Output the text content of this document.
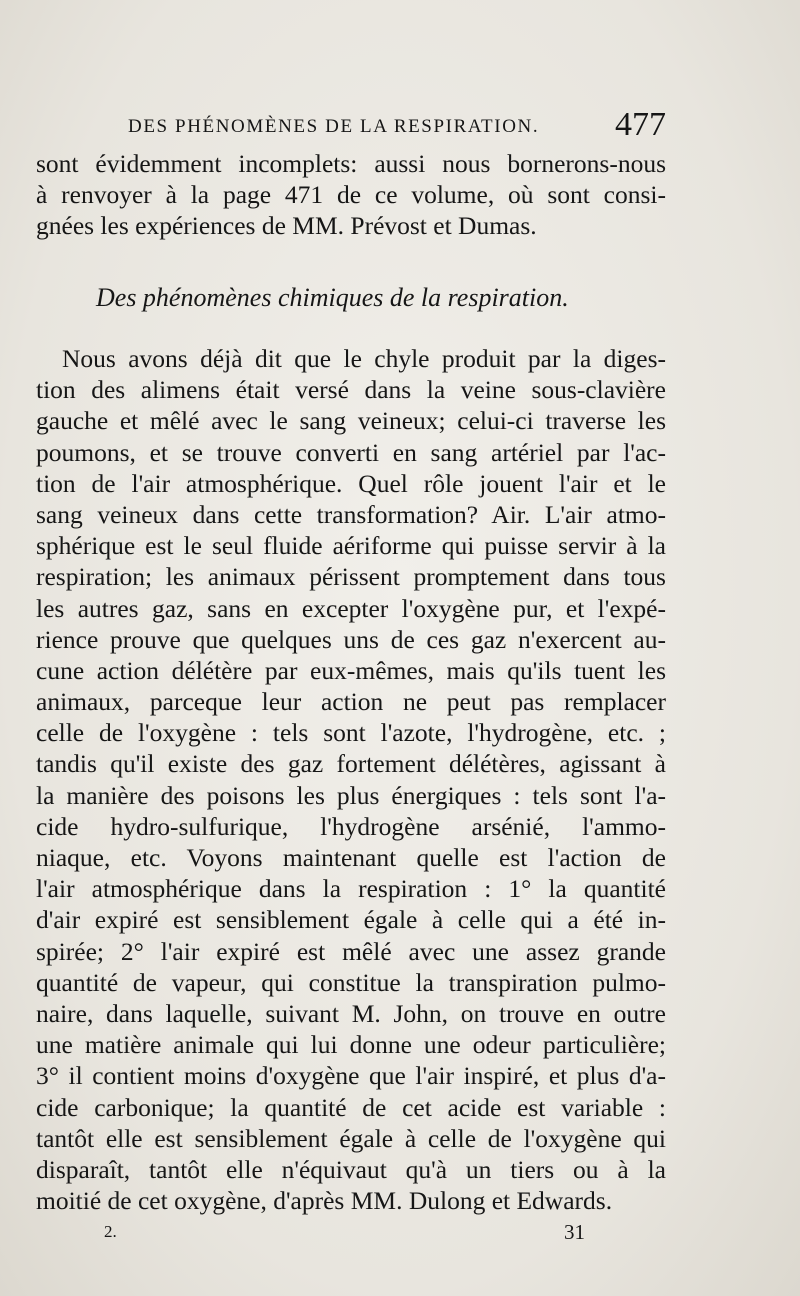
DES PHÉNOMÈNES DE LA RESPIRATION. 477
sont évidemment incomplets: aussi nous bornerons-nous
à renvoyer à la page 471 de ce volume, où sont consi-
gnées les expériences de MM. Prévost et Dumas.
Des phénomènes chimiques de la respiration.
Nous avons déjà dit que le chyle produit par la diges-
tion des alimens était versé dans la veine sous-clavière
gauche et mêlé avec le sang veineux; celui-ci traverse les
poumons, et se trouve converti en sang artériel par l'ac-
tion de l'air atmosphérique. Quel rôle jouent l'air et le
sang veineux dans cette transformation? Air. L'air atmo-
sphérique est le seul fluide aériforme qui puisse servir à la
respiration; les animaux périssent promptement dans tous
les autres gaz, sans en excepter l'oxygène pur, et l'expé-
rience prouve que quelques uns de ces gaz n'exercent au-
cune action délétère par eux-mêmes, mais qu'ils tuent les
animaux, parceque leur action ne peut pas remplacer
celle de l'oxygène : tels sont l'azote, l'hydrogène, etc. ;
tandis qu'il existe des gaz fortement délétères, agissant à
la manière des poisons les plus énergiques : tels sont l'a-
cide hydro-sulfurique, l'hydrogène arsénié, l'ammo-
niaque, etc. Voyons maintenant quelle est l'action de
l'air atmosphérique dans la respiration : 1° la quantité
d'air expiré est sensiblement égale à celle qui a été in-
spirée; 2° l'air expiré est mêlé avec une assez grande
quantité de vapeur, qui constitue la transpiration pulmo-
naire, dans laquelle, suivant M. John, on trouve en outre
une matière animale qui lui donne une odeur particulière;
3° il contient moins d'oxygène que l'air inspiré, et plus d'a-
cide carbonique; la quantité de cet acide est variable :
tantôt elle est sensiblement égale à celle de l'oxygène qui
disparaît, tantôt elle n'équivaut qu'à un tiers ou à la
moitié de cet oxygène, d'après MM. Dulong et Edwards.
2.	31
